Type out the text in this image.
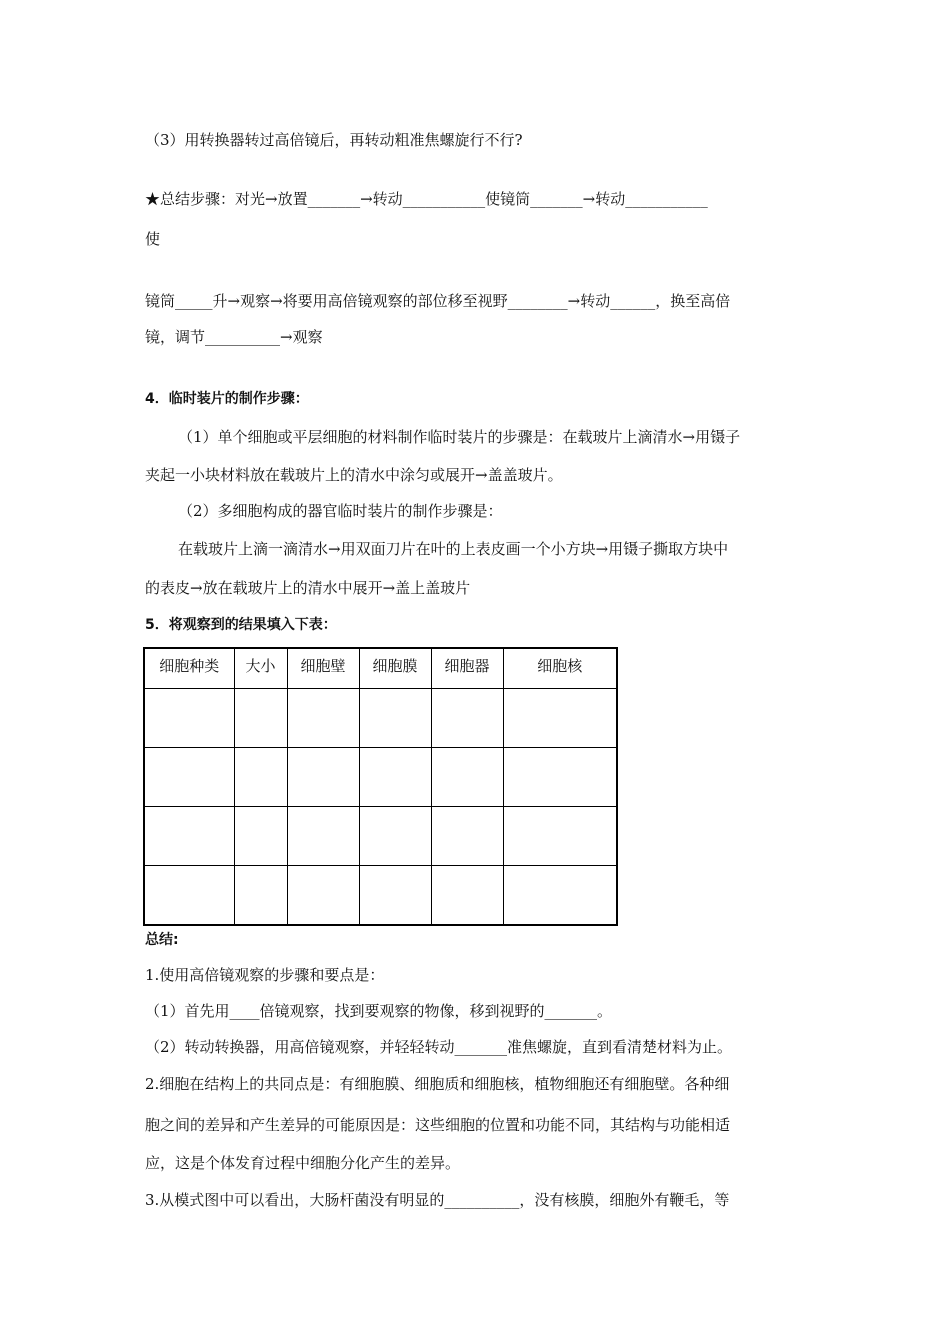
（3）用转换器转过高倍镜后，再转动粗准焦螺旋行不行?
★总结步骤：对光→放置_______→转动___________使镜筒_______→转动___________
使
镜筒_____升→观察→将要用高倍镜观察的部位移至视野________→转动______，换至高倍
镜，调节__________→观察
4．临时装片的制作步骤：
（1）单个细胞或平层细胞的材料制作临时装片的步骤是：在载玻片上滴清水→用镊子
夹起一小块材料放在载玻片上的清水中涂匀或展开→盖盖玻片。
（2）多细胞构成的器官临时装片的制作步骤是：
在载玻片上滴一滴清水→用双面刀片在叶的上表皮画一个小方块→用镊子撕取方块中
的表皮→放在载玻片上的清水中展开→盖上盖玻片
5．将观察到的结果填入下表：
细胞种类	大小	细胞壁	细胞膜	细胞器	细胞核

总结:
1.使用高倍镜观察的步骤和要点是：
（1）首先用____倍镜观察，找到要观察的物像，移到视野的_______。
（2）转动转换器，用高倍镜观察，并轻轻转动_______准焦螺旋，直到看清楚材料为止。
2.细胞在结构上的共同点是：有细胞膜、细胞质和细胞核，植物细胞还有细胞壁。各种细
胞之间的差异和产生差异的可能原因是：这些细胞的位置和功能不同，其结构与功能相适
应，这是个体发育过程中细胞分化产生的差异。
3.从模式图中可以看出，大肠杆菌没有明显的__________，没有核膜，细胞外有鞭毛，等
